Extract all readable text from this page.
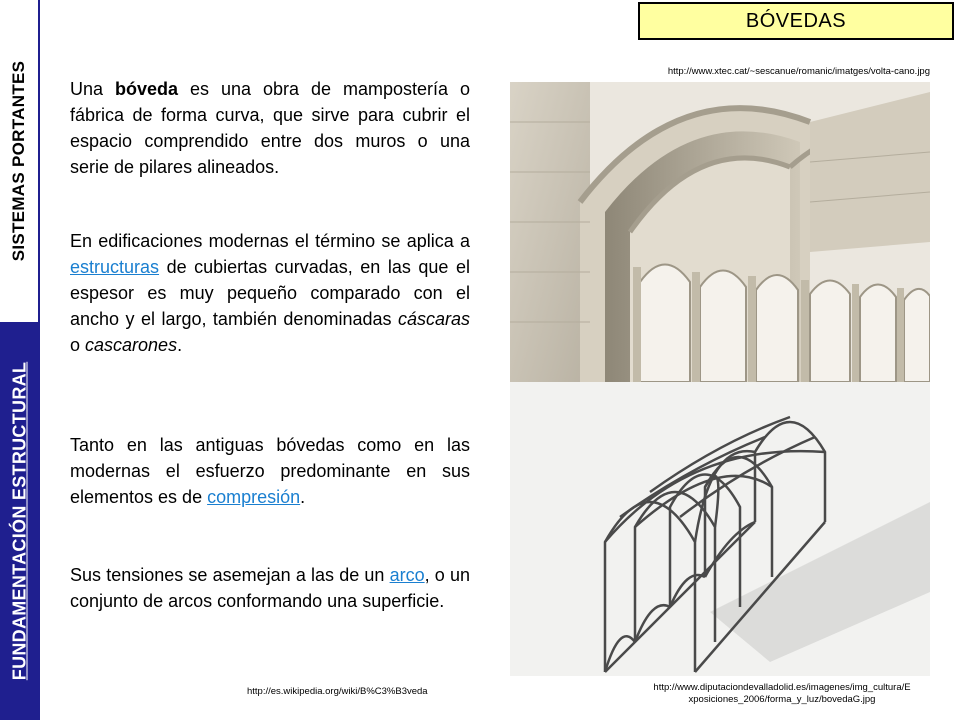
SISTEMAS PORTANTES
FUNDAMENTACIÓN ESTRUCTURAL
BÓVEDAS
http://www.xtec.cat/~sescanue/romanic/imatges/volta-cano.jpg
Una bóveda es una obra de mampostería o fábrica de forma curva, que sirve para cubrir el espacio comprendido entre dos muros o una serie de pilares alineados.
En edificaciones modernas el término se aplica a estructuras de cubiertas curvadas, en las que el espesor es muy pequeño comparado con el ancho y el largo, también denominadas cáscaras o cascarones.
Tanto en las antiguas bóvedas como en las modernas el esfuerzo predominante en sus elementos es de compresión.
Sus tensiones se asemejan a las de un arco, o un conjunto de arcos conformando una superficie.
http://es.wikipedia.org/wiki/B%C3%B3veda	http://www.diputaciondevalladolid.es/imagenes/img_cultura/E
xposiciones_2006/forma_y_luz/bovedaG.jpg
